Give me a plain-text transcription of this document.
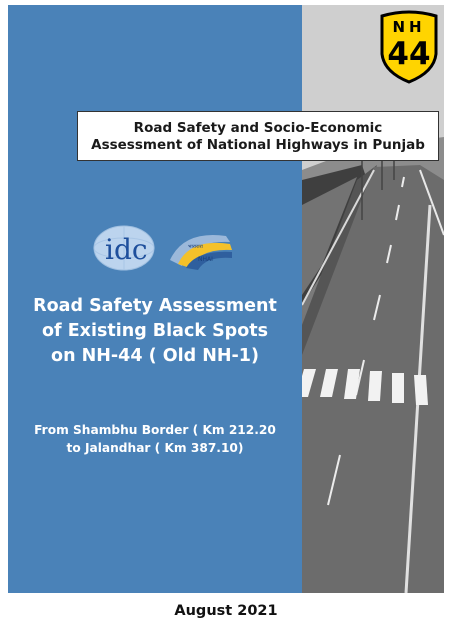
NH
44
Road Safety and Socio-Economic
Assessment of National Highways in Punjab
भारा‍रा‍रा
idc	NHAI
Road Safety Assessment
of Existing Black Spots
on NH-44 ( Old NH-1)
From Shambhu Border ( Km 212.20
to Jalandhar ( Km 387.10)
August 2021
